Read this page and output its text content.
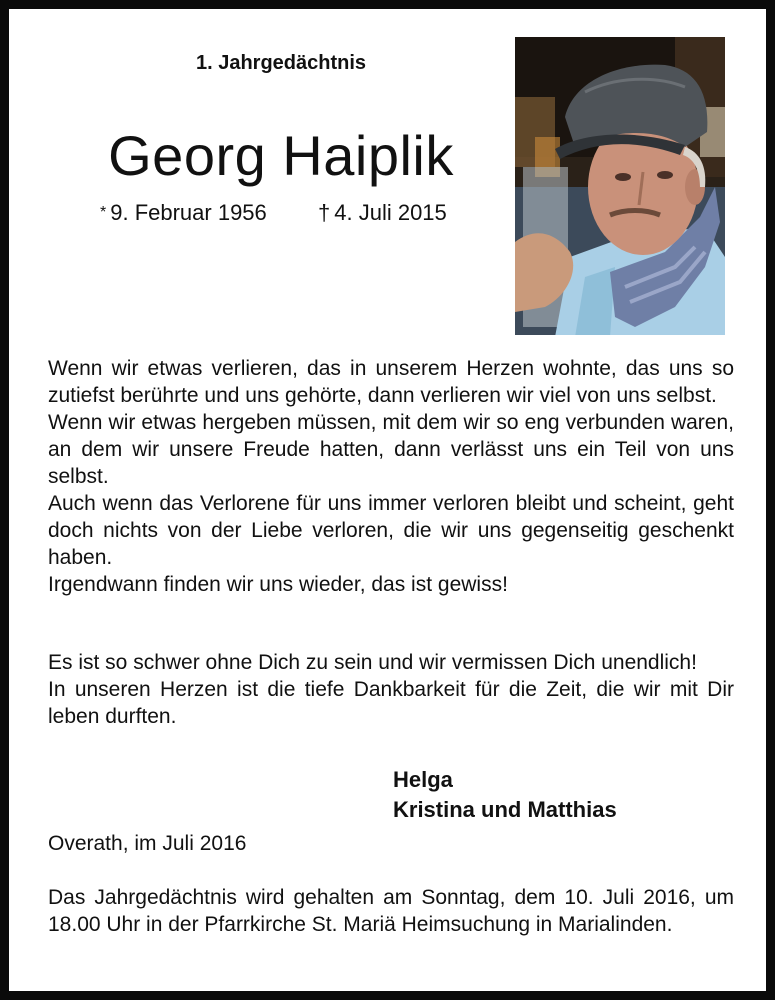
1. Jahrgedächtnis
Georg Haiplik
* 9. Februar 1956 † 4. Juli 2015

Wenn wir etwas verlieren, das in unserem Herzen wohnte, das uns so zutiefst berührte und uns gehörte, dann verlieren wir viel von uns selbst.

Wenn wir etwas hergeben müssen, mit dem wir so eng verbunden waren, an dem wir unsere Freude hatten, dann verlässt uns ein Teil von uns selbst.

Auch wenn das Verlorene für uns immer verloren bleibt und scheint, geht doch nichts von der Liebe verloren, die wir uns gegenseitig geschenkt haben.

Irgendwann finden wir uns wieder, das ist gewiss!

Es ist so schwer ohne Dich zu sein und wir vermissen Dich unendlich!

In unseren Herzen ist die tiefe Dankbarkeit für die Zeit, die wir mit Dir leben durften.

Helga
Kristina und Matthias
Overath, im Juli 2016

Das Jahrgedächtnis wird gehalten am Sonntag, dem 10. Juli 2016, um 18.00 Uhr in der Pfarrkirche St. Mariä Heimsuchung in Marialinden.
